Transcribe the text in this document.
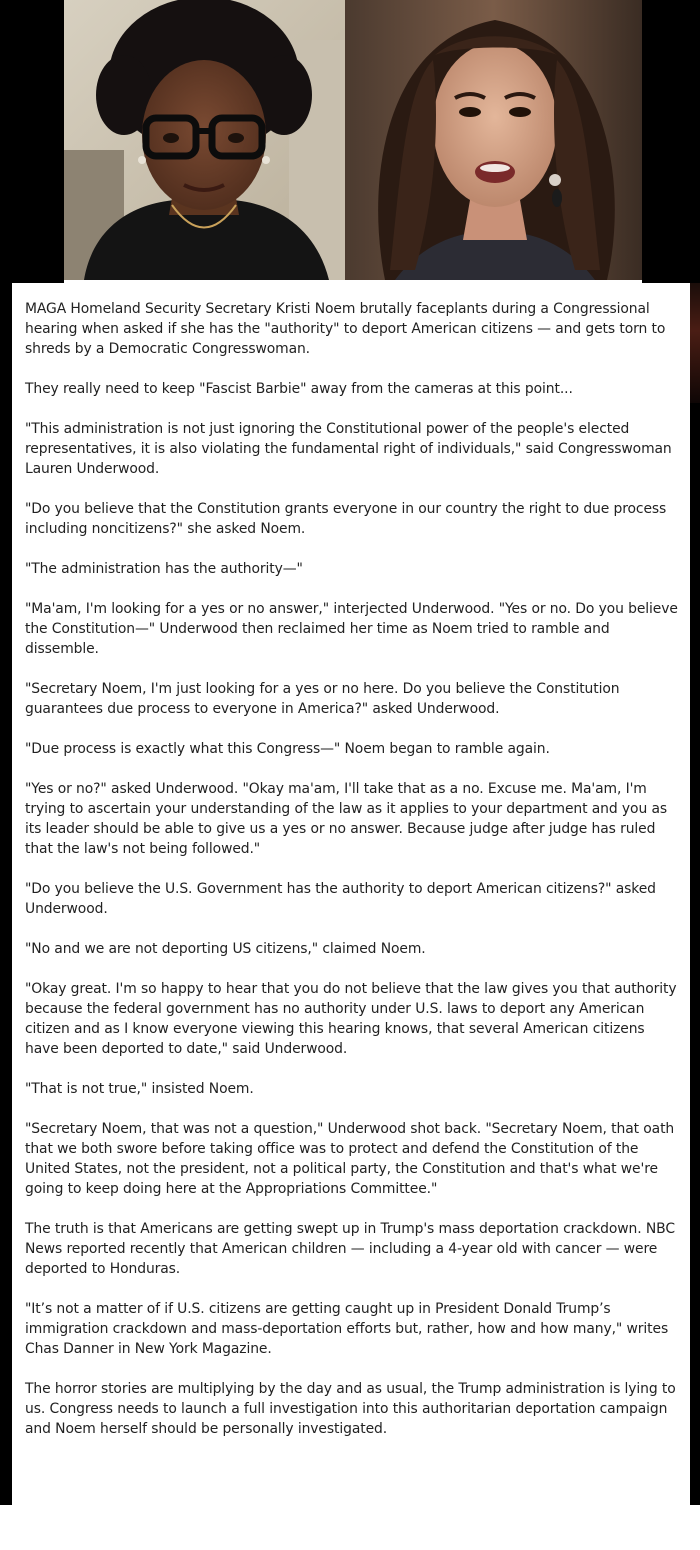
MAGA Homeland Security Secretary Kristi Noem brutally faceplants during a Congressional hearing when asked if she has the "authority" to deport American citizens — and gets torn to shreds by a Democratic Congresswoman.

They really need to keep "Fascist Barbie" away from the cameras at this point...

"This administration is not just ignoring the Constitutional power of the people's elected representatives, it is also violating the fundamental right of individuals," said Congresswoman Lauren Underwood.

"Do you believe that the Constitution grants everyone in our country the right to due process including noncitizens?" she asked Noem.

"The administration has the authority—"

"Ma'am, I'm looking for a yes or no answer," interjected Underwood. "Yes or no. Do you believe the Constitution—" Underwood then reclaimed her time as Noem tried to ramble and dissemble.

"Secretary Noem, I'm just looking for a yes or no here. Do you believe the Constitution guarantees due process to everyone in America?" asked Underwood.

"Due process is exactly what this Congress—" Noem began to ramble again.

"Yes or no?" asked Underwood. "Okay ma'am, I'll take that as a no. Excuse me. Ma'am, I'm trying to ascertain your understanding of the law as it applies to your department and you as its leader should be able to give us a yes or no answer. Because judge after judge has ruled that the law's not being followed."

"Do you believe the U.S. Government has the authority to deport American citizens?" asked Underwood.

"No and we are not deporting US citizens," claimed Noem.

"Okay great. I'm so happy to hear that you do not believe that the law gives you that authority because the federal government has no authority under U.S. laws to deport any American citizen and as I know everyone viewing this hearing knows, that several American citizens have been deported to date," said Underwood.

"That is not true," insisted Noem.

"Secretary Noem, that was not a question," Underwood shot back. "Secretary Noem, that oath that we both swore before taking office was to protect and defend the Constitution of the United States, not the president, not a political party, the Constitution and that's what we're going to keep doing here at the Appropriations Committee."

The truth is that Americans are getting swept up in Trump's mass deportation crackdown. NBC News reported recently that American children — including a 4-year old with cancer — were deported to Honduras.

"It’s not a matter of if U.S. citizens are getting caught up in President Donald Trump’s immigration crackdown and mass-deportation efforts but, rather, how and how many," writes Chas Danner in New York Magazine.

The horror stories are multiplying by the day and as usual, the Trump administration is lying to us. Congress needs to launch a full investigation into this authoritarian deportation campaign and Noem herself should be personally investigated.
